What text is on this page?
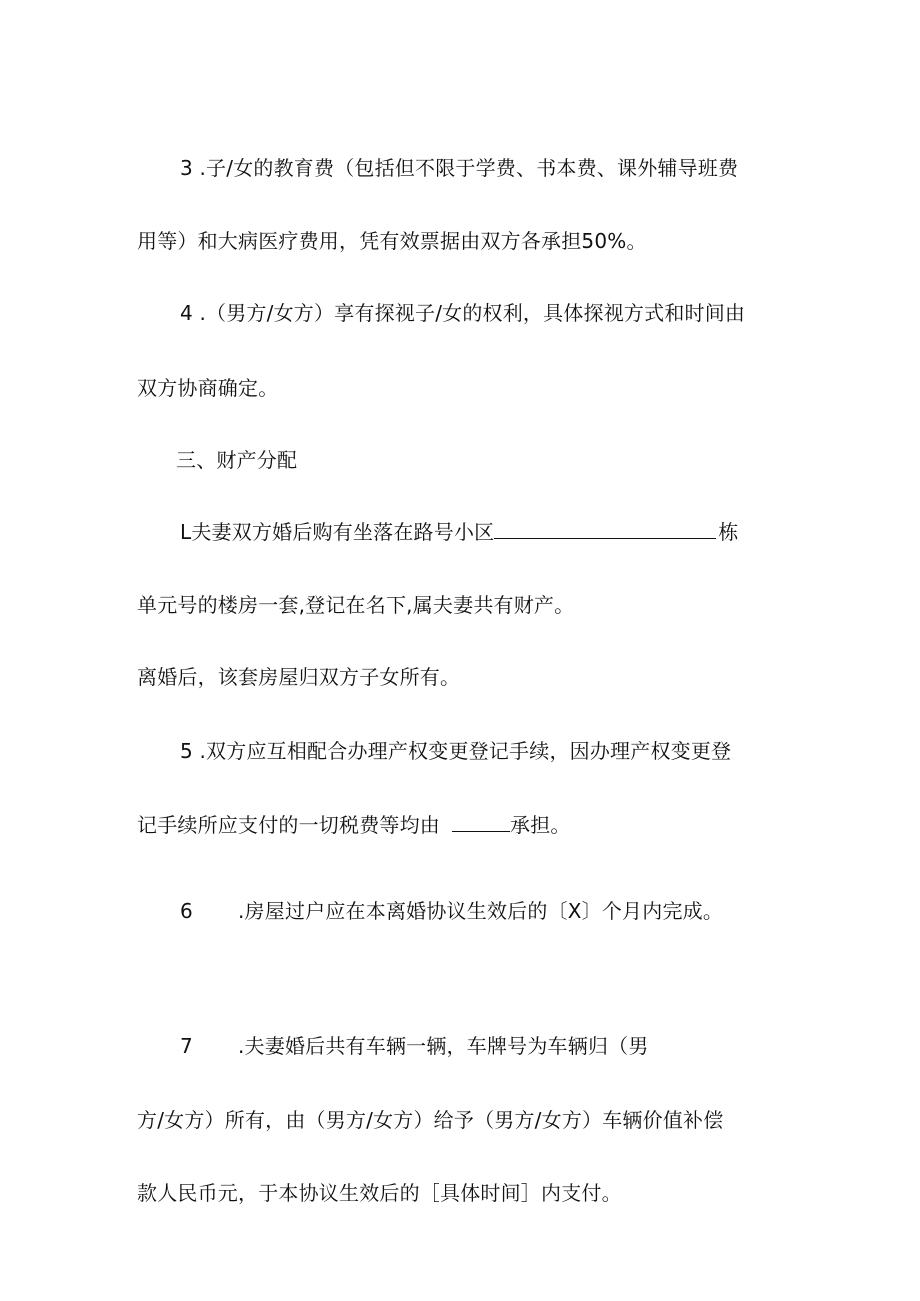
3 .子/女的教育费（包括但不限于学费、书本费、课外辅导班费
用等）和大病医疗费用，凭有效票据由双方各承担50%。
4 .（男方/女方）享有探视子/女的权利，具体探视方式和时间由
双方协商确定。
三、财产分配
L夫妻双方婚后购有坐落在路号小区	栋
单元号的楼房一套,登记在名下,属夫妻共有财产。
离婚后，该套房屋归双方子女所有。
5 .双方应互相配合办理产权变更登记手续，因办理产权变更登
记手续所应支付的一切税费等均由	承担。
6 .房屋过户应在本离婚协议生效后的〔X〕个月内完成。
7 .夫妻婚后共有车辆一辆，车牌号为车辆归（男
方/女方）所有，由（男方/女方）给予（男方/女方）车辆价值补偿
款人民币元，于本协议生效后的［具体时间］内支付。
